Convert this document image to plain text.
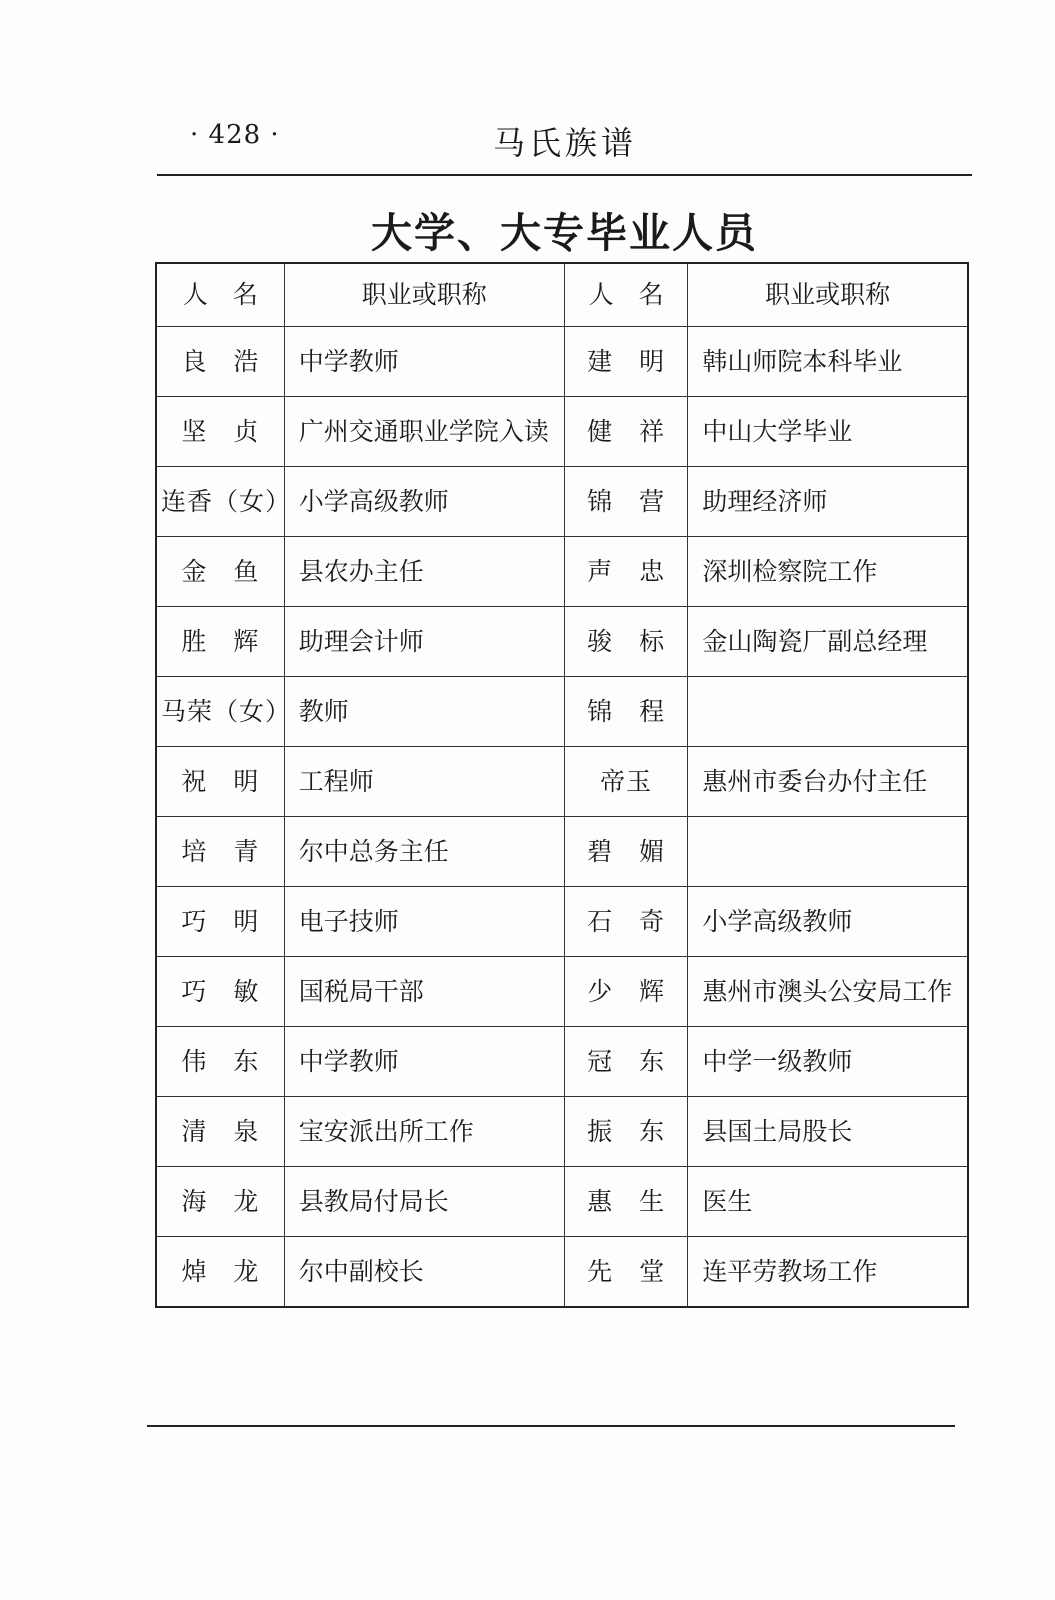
· 428 ·	马氏族谱
大学、大专毕业人员
人　名	职业或职称	人　名	职业或职称
良　浩	中学教师	建　明	韩山师院本科毕业
坚　贞	广州交通职业学院入读	健　祥	中山大学毕业
连香（女）	小学高级教师	锦　营	助理经济师
金　鱼	县农办主任	声　忠	深圳检察院工作
胜　辉	助理会计师	骏　标	金山陶瓷厂副总经理
马荣（女）	教师	锦　程	
祝　明	工程师	帝玉	惠州市委台办付主任
培　青	尔中总务主任	碧　媚	
巧　明	电子技师	石　奇	小学高级教师
巧　敏	国税局干部	少　辉	惠州市澳头公安局工作
伟　东	中学教师	冠　东	中学一级教师
清　泉	宝安派出所工作	振　东	县国土局股长
海　龙	县教局付局长	惠　生	医生
焯　龙	尔中副校长	先　堂	连平劳教场工作
